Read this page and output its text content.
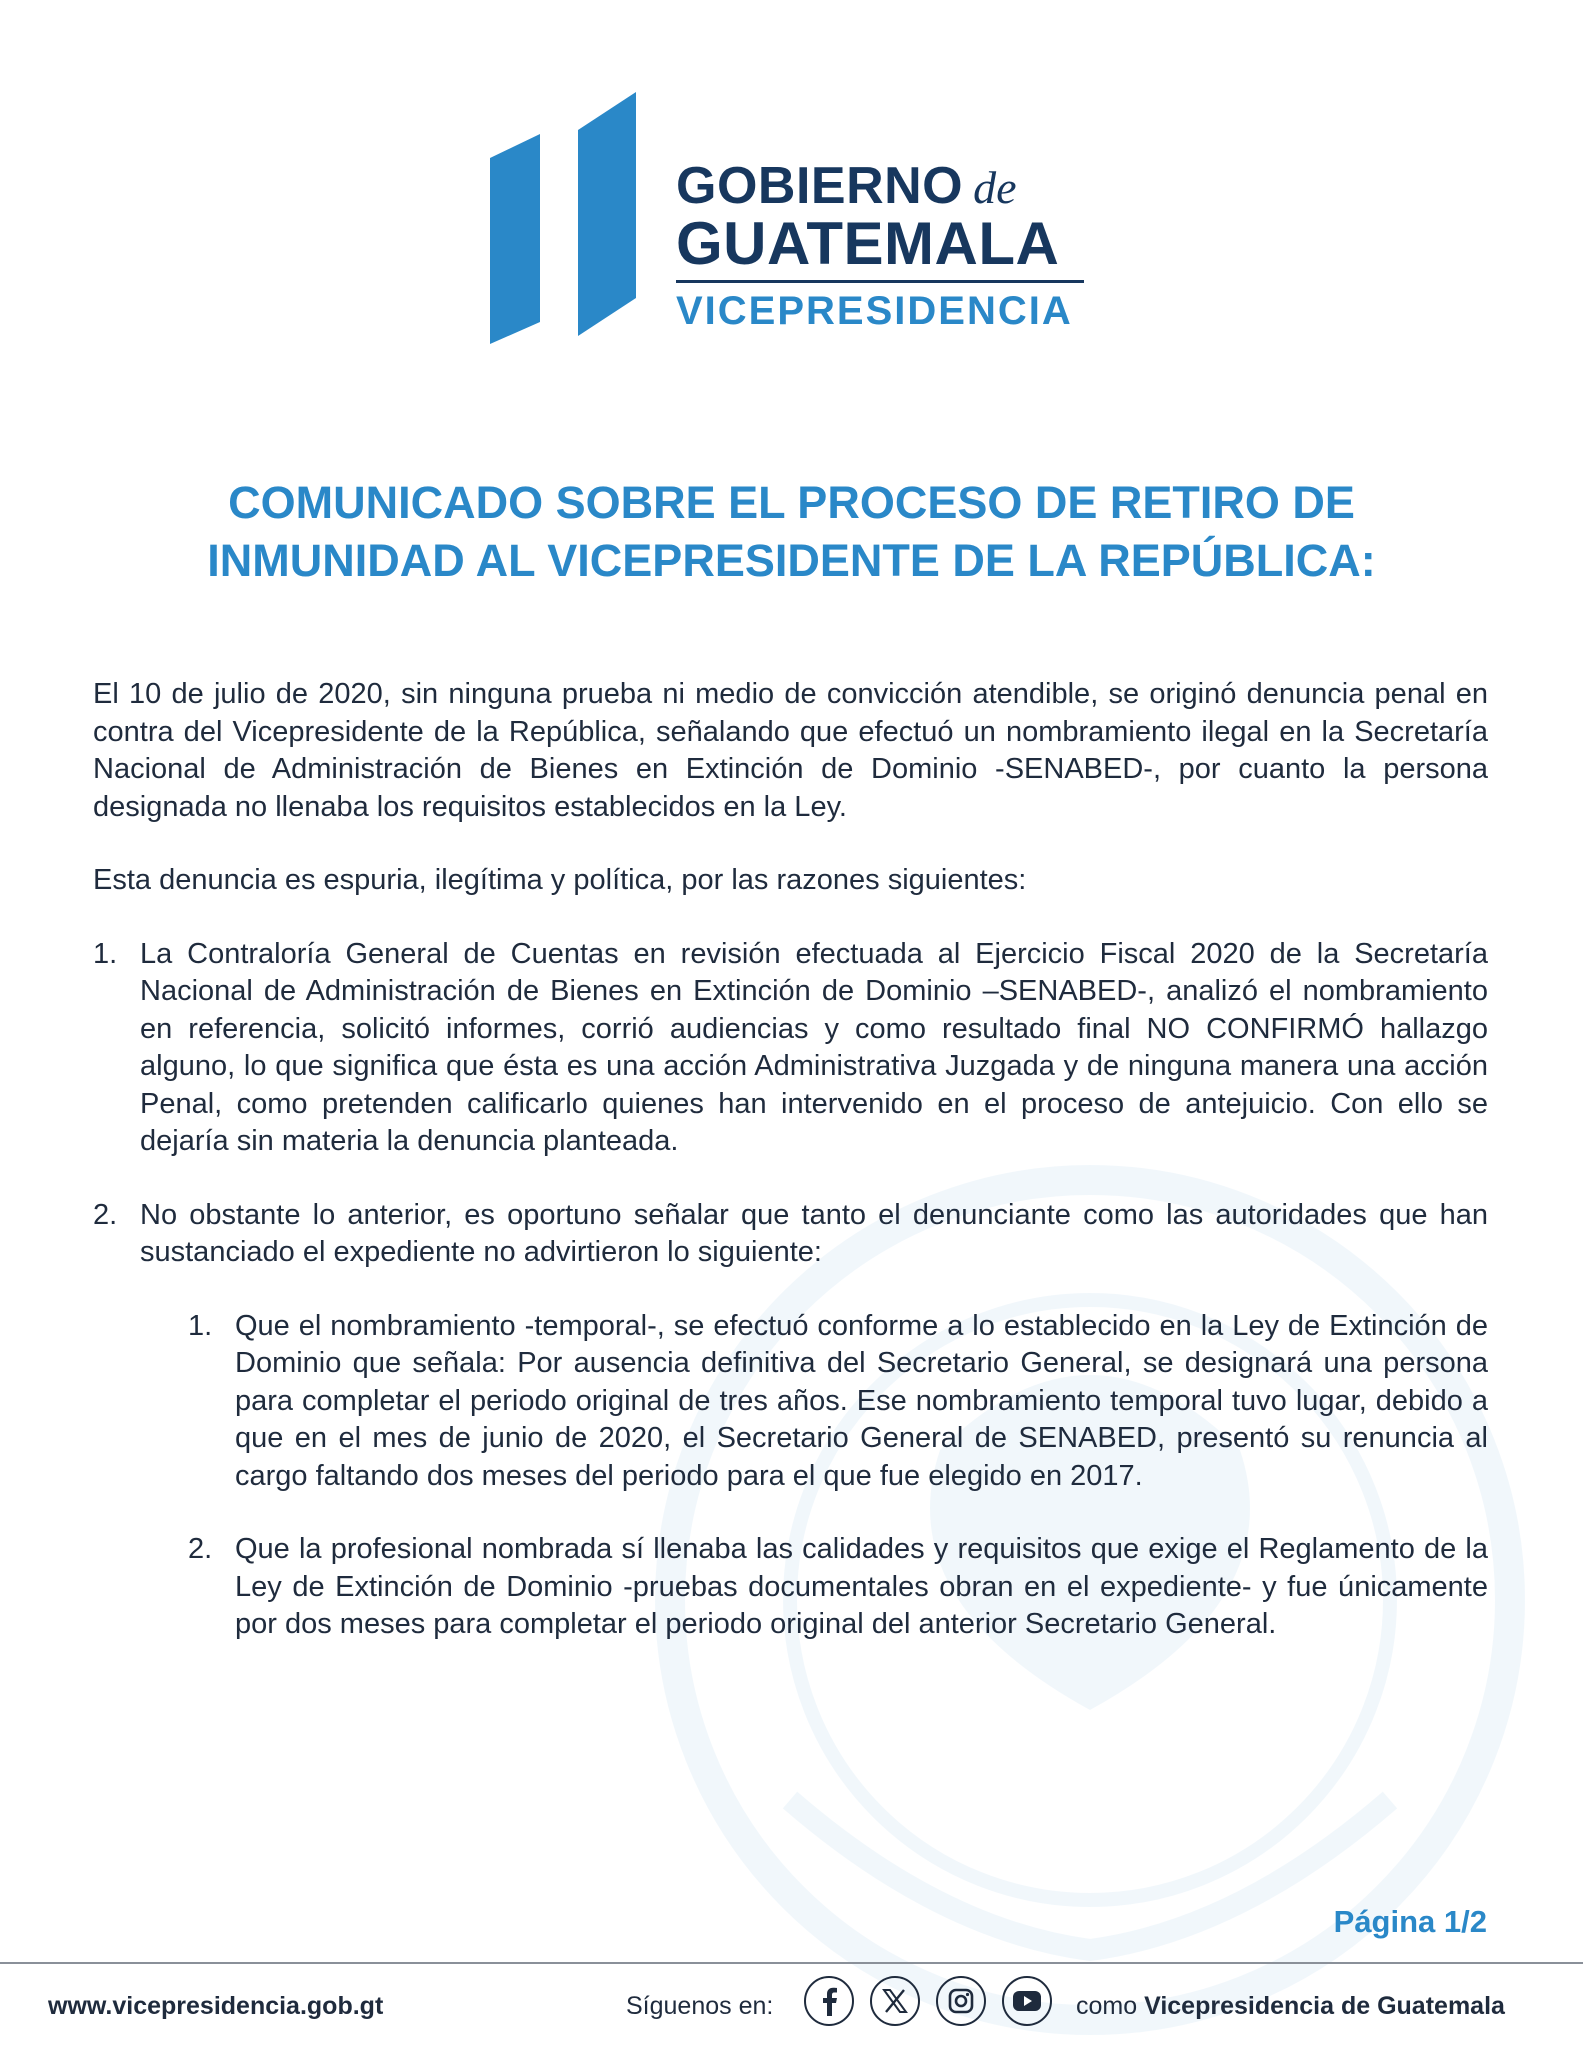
GOBIERNO de
GUATEMALA
VICEPRESIDENCIA
COMUNICADO SOBRE EL PROCESO DE RETIRO DE
INMUNIDAD AL VICEPRESIDENTE DE LA REPÚBLICA:

El 10 de julio de 2020, sin ninguna prueba ni medio de convicción atendible, se originó denuncia penal en contra del Vicepresidente de la República, señalando que efectuó un nombramiento ilegal en la Secretaría Nacional de Administración de Bienes en Extinción de Dominio -SENABED-, por cuanto la persona designada no llenaba los requisitos establecidos en la Ley.

Esta denuncia es espuria, ilegítima y política, por las razones siguientes:

1. La Contraloría General de Cuentas en revisión efectuada al Ejercicio Fiscal 2020 de la Secretaría Nacional de Administración de Bienes en Extinción de Dominio –SENABED-, analizó el nombramiento en referencia, solicitó informes, corrió audiencias y como resultado final NO CONFIRMÓ hallazgo alguno, lo que significa que ésta es una acción Administrativa Juzgada y de ninguna manera una acción Penal, como pretenden calificarlo quienes han intervenido en el proceso de antejuicio. Con ello se dejaría sin materia la denuncia planteada.
2. No obstante lo anterior, es oportuno señalar que tanto el denunciante como las autoridades que han sustanciado el expediente no advirtieron lo siguiente:
1. Que el nombramiento -temporal-, se efectuó conforme a lo establecido en la Ley de Extinción de Dominio que señala: Por ausencia definitiva del Secretario General, se designará una persona para completar el periodo original de tres años. Ese nombramiento temporal tuvo lugar, debido a que en el mes de junio de 2020, el Secretario General de SENABED, presentó su renuncia al cargo faltando dos meses del periodo para el que fue elegido en 2017.
2. Que la profesional nombrada sí llenaba las calidades y requisitos que exige el Reglamento de la Ley de Extinción de Dominio -pruebas documentales obran en el expediente- y fue únicamente por dos meses para completar el periodo original del anterior Secretario General.
Página 1/2
www.vicepresidencia.gob.gt	Síguenos en:	como Vicepresidencia de Guatemala
